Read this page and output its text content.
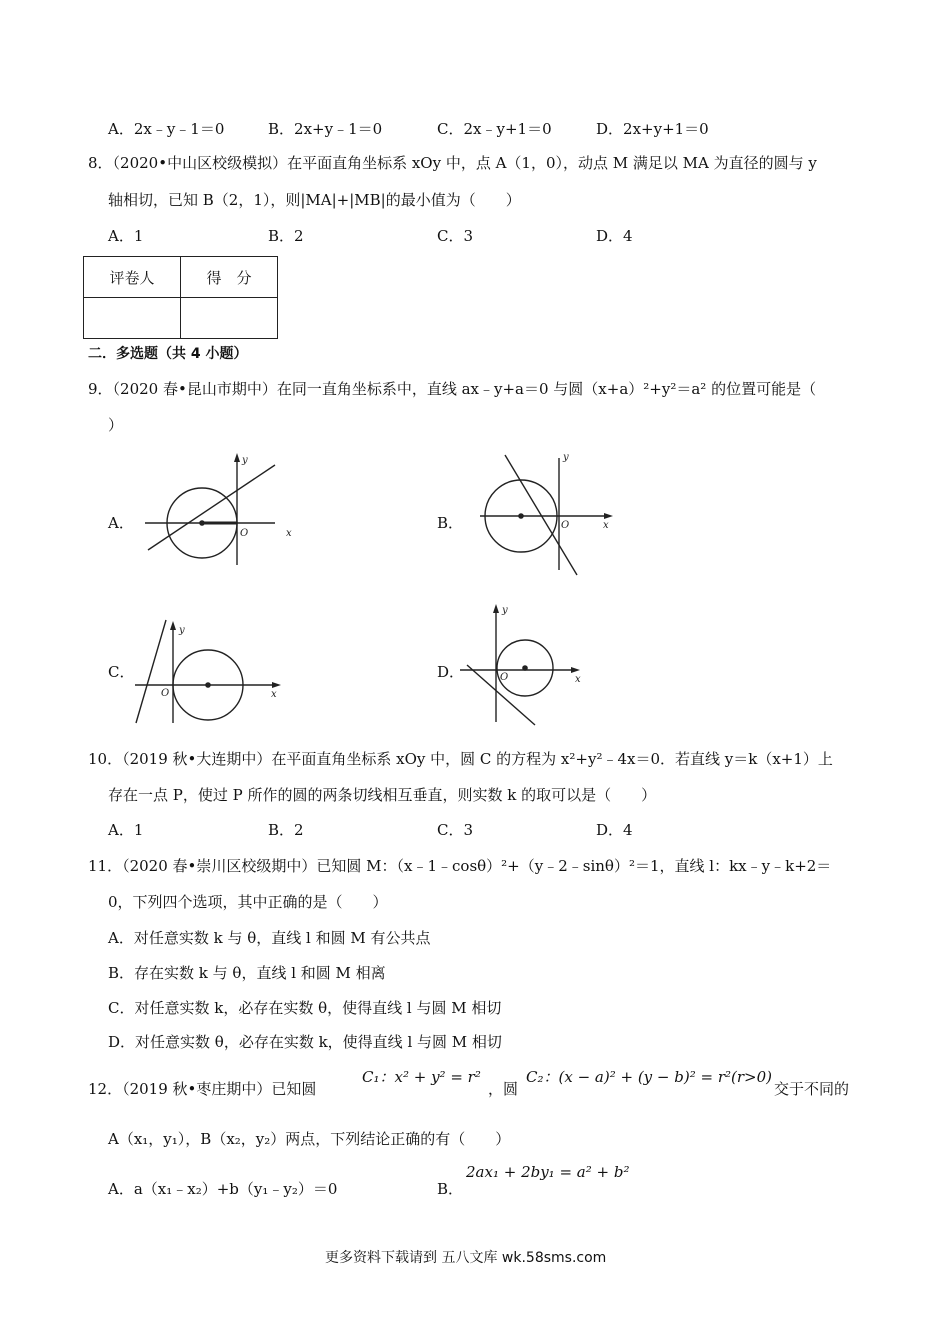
A．2x﹣y﹣1＝0	B．2x+y﹣1＝0	C．2x﹣y+1＝0	D．2x+y+1＝0
8．（2020•中山区校级模拟）在平面直角坐标系 xOy 中，点 A（1，0），动点 M 满足以 MA 为直径的圆与 y
轴相切，已知 B（2，1），则|MA|+|MB|的最小值为（　　）
A．1	B．2	C．3	D．4
评卷人	得　分

二．多选题（共 4 小题）
9．（2020 春•昆山市期中）在同一直角坐标系中，直线 ax﹣y+a＝0 与圆（x+a）²+y²＝a² 的位置可能是（
）
A．	B．
C．	D．
y
O	x
y
O	x
y
O	x
y
O	x
10．（2019 秋•大连期中）在平面直角坐标系 xOy 中，圆 C 的方程为 x²+y²﹣4x＝0．若直线 y＝k（x+1）上
存在一点 P，使过 P 所作的圆的两条切线相互垂直，则实数 k 的取可以是（　　）
A．1	B．2	C．3	D．4
11．（2020 春•崇川区校级期中）已知圆 M：（x﹣1﹣cosθ）²+（y﹣2﹣sinθ）²＝1，直线 l：kx﹣y﹣k+2＝
0，下列四个选项，其中正确的是（　　）
A．对任意实数 k 与 θ，直线 l 和圆 M 有公共点
B．存在实数 k 与 θ，直线 l 和圆 M 相离
C．对任意实数 k，必存在实数 θ，使得直线 l 与圆 M 相切
D．对任意实数 θ，必存在实数 k，使得直线 l 与圆 M 相切
12．（2019 秋•枣庄期中）已知圆
C₁：x² + y² = r²
，圆
C₂：(x − a)² + (y − b)² = r²(r>0)
交于不同的
A（x₁，y₁），B（x₂，y₂）两点，下列结论正确的有（　　）
A．a（x₁﹣x₂）+b（y₁﹣y₂）＝0	B．
2ax₁ + 2by₁ = a² + b²
更多资料下载请到 五八文库 wk.58sms.com
